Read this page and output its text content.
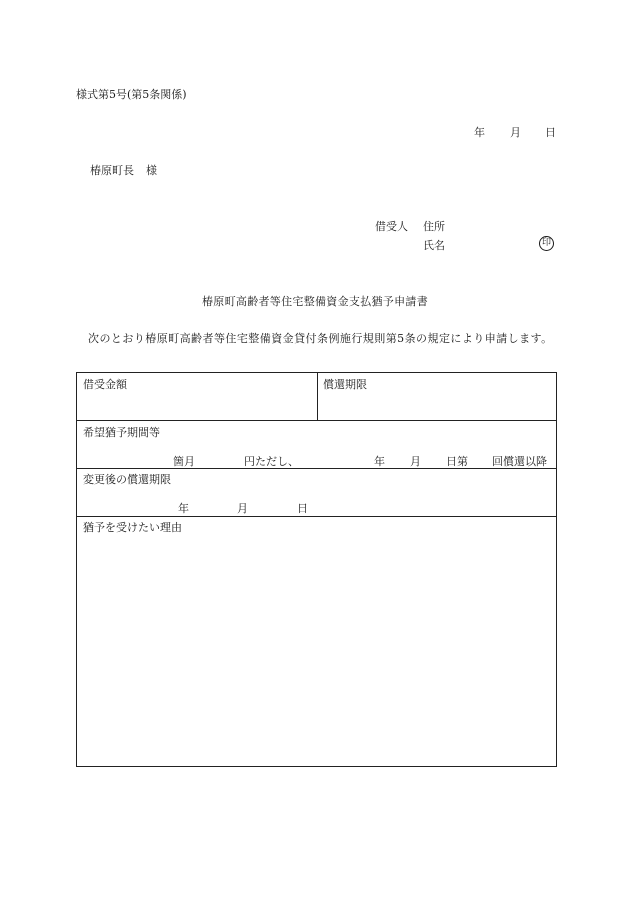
様式第5号(第5条関係)
年 月 日
椿原町長 様
借受人 住所
氏名	印
椿原町高齢者等住宅整備資金支払猶予申請書
次のとおり椿原町高齢者等住宅整備資金貸付条例施行規則第5条の規定により申請します。
借受金額	償還期限
希望猶予期間等
箇月	円ただし、	年 月 日第 回償還以降
変更後の償還期限
年	月	日
猶予を受けたい理由
